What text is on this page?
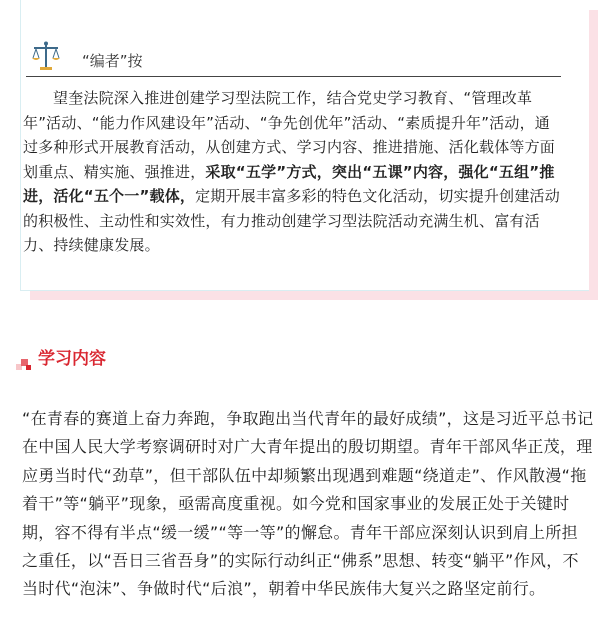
“编者”按
望奎法院深入推进创建学习型法院工作，结合党史学习教育、“管理改革年”活动、“能力作风建设年”活动、“争先创优年”活动、“素质提升年”活动，通过多种形式开展教育活动，从创建方式、学习内容、推进措施、活化载体等方面划重点、精实施、强推进，采取“五学”方式，突出“五课”内容，强化“五组”推进，活化“五个一”载体，定期开展丰富多彩的特色文化活动，切实提升创建活动的积极性、主动性和实效性，有力推动创建学习型法院活动充满生机、富有活力、持续健康发展。
学习内容
“在青春的赛道上奋力奔跑，争取跑出当代青年的最好成绩”，这是习近平总书记在中国人民大学考察调研时对广大青年提出的殷切期望。青年干部风华正茂，理应勇当时代“劲草”，但干部队伍中却频繁出现遇到难题“绕道走”、作风散漫“拖着干”等“躺平”现象，亟需高度重视。如今党和国家事业的发展正处于关键时期，容不得有半点“缓一缓”“等一等”的懈怠。青年干部应深刻认识到肩上所担之重任，以“吾日三省吾身”的实际行动纠正“佛系”思想、转变“躺平”作风，不当时代“泡沫”、争做时代“后浪”，朝着中华民族伟大复兴之路坚定前行。
